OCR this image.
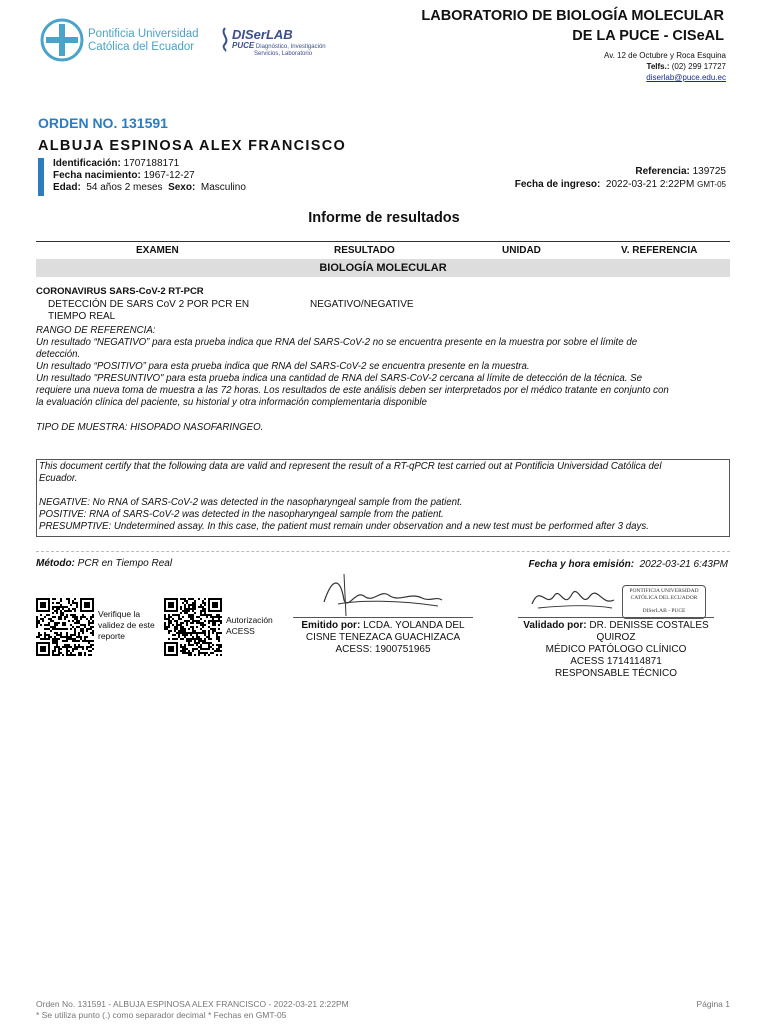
Pontificia Universidad
Católica del Ecuador
DISerLAB
PUCE Diagnóstico, Investigación
Servicios, Laboratorio
LABORATORIO DE BIOLOGÍA MOLECULAR
DE LA PUCE - CISeAL
Av. 12 de Octubre y Roca Esquina
Telfs.: (02) 299 17727
diserlab@puce.edu.ec
ORDEN NO. 131591
ALBUJA ESPINOSA ALEX FRANCISCO
Identificación: 1707188171
Fecha nacimiento: 1967-12-27
Edad: 54 años 2 meses Sexo: Masculino
Referencia: 139725
Fecha de ingreso: 2022-03-21 2:22PM GMT-05
Informe de resultados
EXAMEN	RESULTADO	UNIDAD	V. REFERENCIA
BIOLOGÍA MOLECULAR
CORONAVIRUS SARS-CoV-2 RT-PCR
DETECCIÓN DE SARS CoV 2 POR PCR EN
TIEMPO REAL
NEGATIVO/NEGATIVE
RANGO DE REFERENCIA:
Un resultado “NEGATIVO” para esta prueba indica que RNA del SARS-CoV-2 no se encuentra presente en la muestra por sobre el límite de
detección.
Un resultado “POSITIVO” para esta prueba indica que RNA del SARS-CoV-2 se encuentra presente en la muestra.
Un resultado "PRESUNTIVO" para esta prueba indica una cantidad de RNA del SARS-CoV-2 cercana al límite de detección de la técnica. Se
requiere una nueva toma de muestra a las 72 horas. Los resultados de este análisis deben ser interpretados por el médico tratante en conjunto con
la evaluación clínica del paciente, su historial y otra información complementaria disponible
TIPO DE MUESTRA: HISOPADO NASOFARINGEO.
This document certify that the following data are valid and represent the result of a RT-qPCR test carried out at Pontificia Universidad Católica del
Ecuador.
NEGATIVE: No RNA of SARS-CoV-2 was detected in the nasopharyngeal sample from the patient.
POSITIVE: RNA of SARS-CoV-2 was detected in the nasopharyngeal sample from the patient.
PRESUMPTIVE: Undetermined assay. In this case, the patient must remain under observation and a new test must be performed after 3 days.
Método: PCR en Tiempo Real	Fecha y hora emisión: 2022-03-21 6:43PM
Verifique la
validez de este
reporte
Autorización
ACESS	Emitido por: LCDA. YOLANDA DEL
CISNE TENEZACA GUACHIZACA
ACESS: 1900751965
PONTIFICIA UNIVERSIDAD
CATÓLICA DEL ECUADOR
DISerLAB - PUCE
Validado por: DR. DENISSE COSTALES
QUIROZ
MÉDICO PATÓLOGO CLÍNICO
ACESS 1714114871
RESPONSABLE TÉCNICO
Orden No. 131591 - ALBUJA ESPINOSA ALEX FRANCISCO - 2022-03-21 2:22PM
* Se utiliza punto (.) como separador decimal * Fechas en GMT-05
Página 1
